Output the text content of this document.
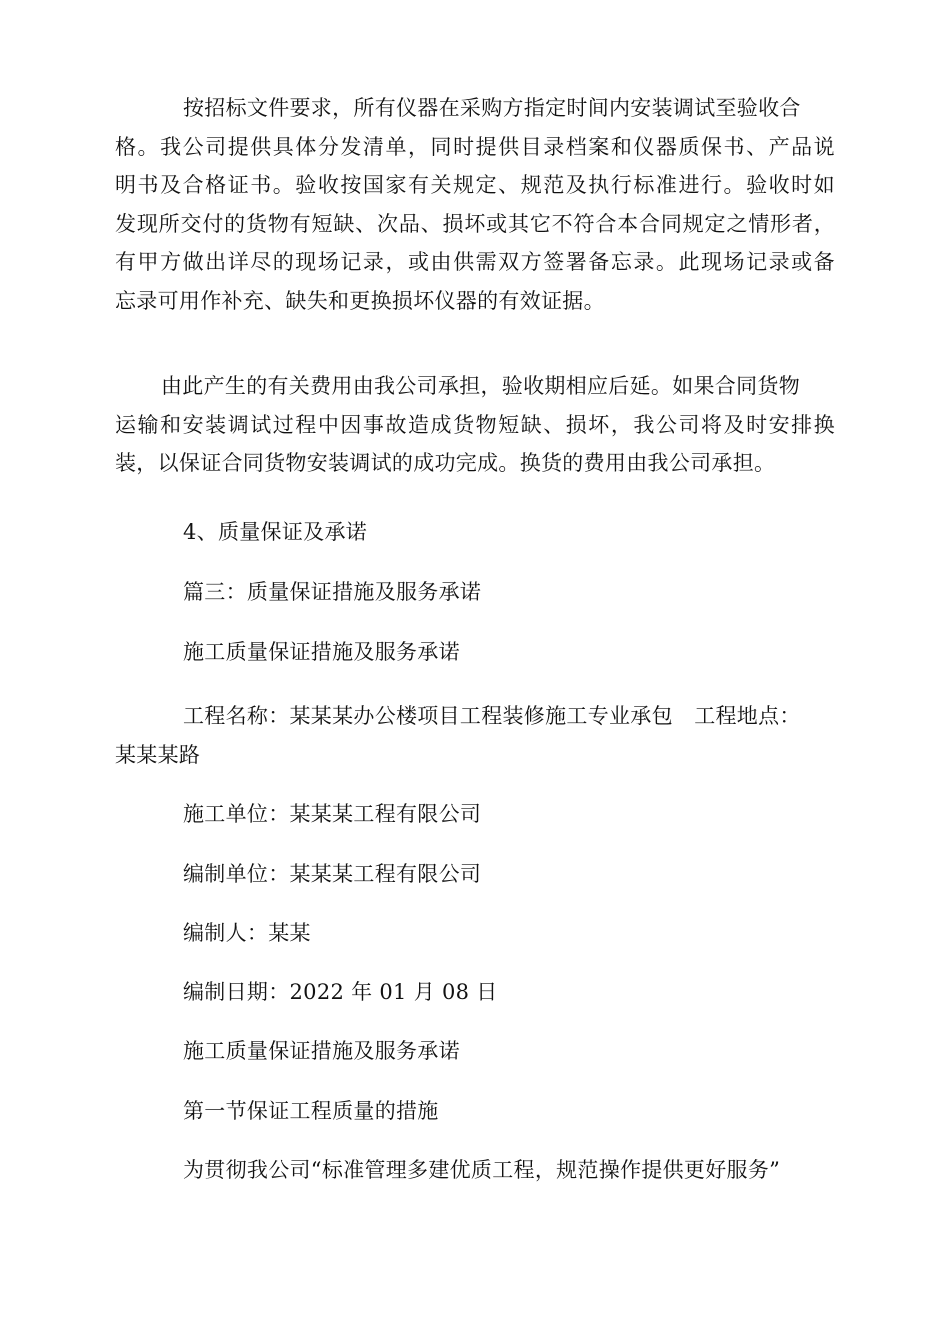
按招标文件要求，所有仪器在采购方指定时间内安装调试至验收合
格。我公司提供具体分发清单，同时提供目录档案和仪器质保书、产品说
明书及合格证书。验收按国家有关规定、规范及执行标准进行。验收时如
发现所交付的货物有短缺、次品、损坏或其它不符合本合同规定之情形者，
有甲方做出详尽的现场记录，或由供需双方签署备忘录。此现场记录或备
忘录可用作补充、缺失和更换损坏仪器的有效证据。
由此产生的有关费用由我公司承担，验收期相应后延。如果合同货物
运输和安装调试过程中因事故造成货物短缺、损坏，我公司将及时安排换
装，以保证合同货物安装调试的成功完成。换货的费用由我公司承担。
4、质量保证及承诺
篇三：质量保证措施及服务承诺
施工质量保证措施及服务承诺
工程名称：某某某办公楼项目工程装修施工专业承包　工程地点：
某某某路
施工单位：某某某工程有限公司
编制单位：某某某工程有限公司
编制人：某某
编制日期：2022 年 01 月 08 日
施工质量保证措施及服务承诺
第一节保证工程质量的措施
为贯彻我公司“标准管理多建优质工程，规范操作提供更好服务”
